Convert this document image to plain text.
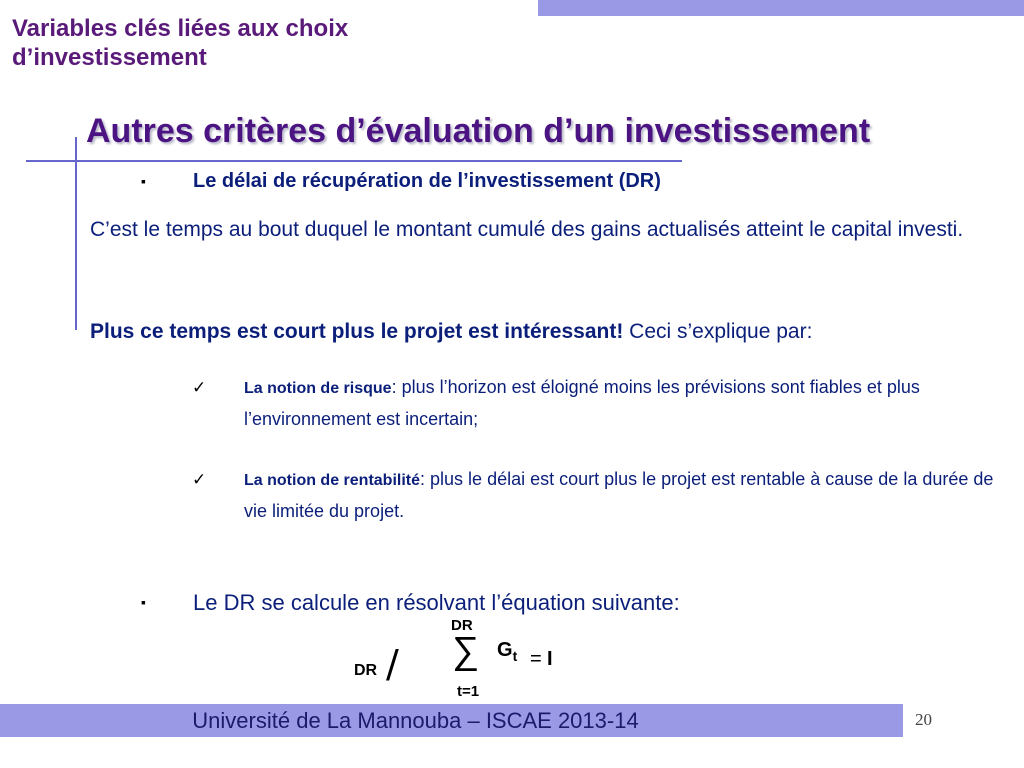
Variables clés liées aux choix
d’investissement
Autres critères d’évaluation d’un investissement
▪ Le délai de récupération de l’investissement (DR)
C’est le temps au bout duquel le montant cumulé des gains actualisés atteint le capital investi.
Plus ce temps est court plus le projet est intéressant! Ceci s’explique par:
✓ La notion de risque: plus l’horizon est éloigné moins les prévisions sont fiables et plus l’environnement est incertain;
✓ La notion de rentabilité: plus le délai est court plus le projet est rentable à cause de la durée de vie limitée du projet.
▪ Le DR se calcule en résolvant l’équation suivante:
DR
∑ $G_t = I$
t=1
DR /
Université de La Mannouba – ISCAE 2013-14	20
